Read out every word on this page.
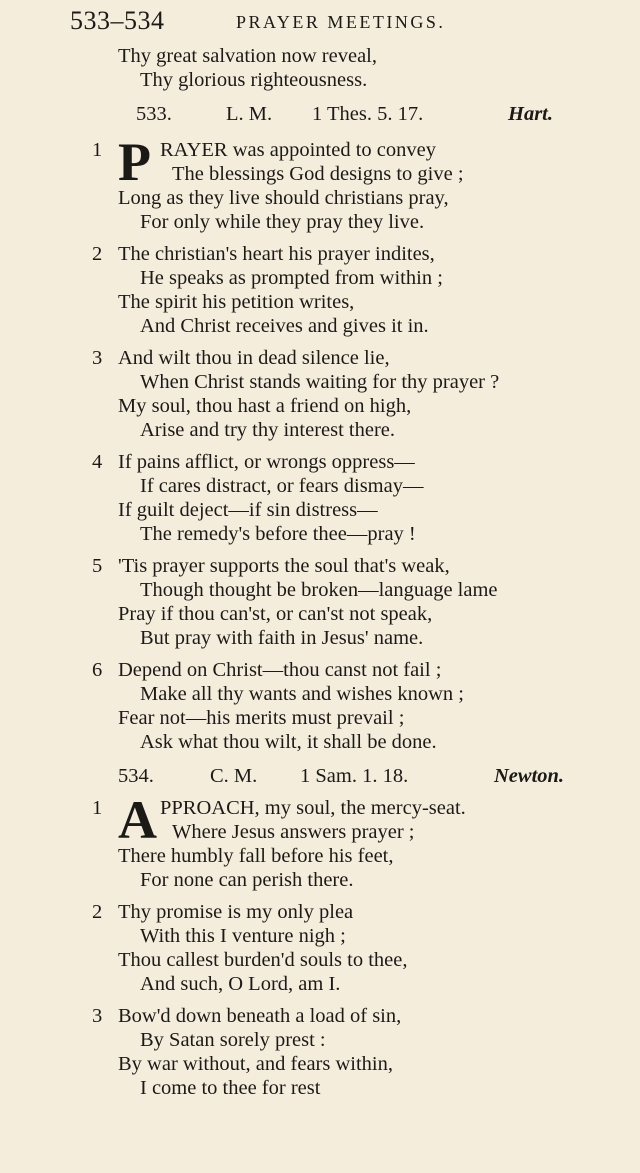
533–534	PRAYER MEETINGS.
Thy great salvation now reveal,
Thy glorious righteousness.
533.	L. M. 1 Thes. 5. 17.	Hart.
1 P RAYER was appointed to convey
The blessings God designs to give ;
Long as they live should christians pray,
For only while they pray they live.
2 The christian's heart his prayer indites,
He speaks as prompted from within ;
The spirit his petition writes,
And Christ receives and gives it in.
3 And wilt thou in dead silence lie,
When Christ stands waiting for thy prayer ?
My soul, thou hast a friend on high,
Arise and try thy interest there.
4 If pains afflict, or wrongs oppress—
If cares distract, or fears dismay—
If guilt deject—if sin distress—
The remedy's before thee—pray !
5 'Tis prayer supports the soul that's weak,
Though thought be broken—language lame
Pray if thou can'st, or can'st not speak,
But pray with faith in Jesus' name.
6 Depend on Christ—thou canst not fail ;
Make all thy wants and wishes known ;
Fear not—his merits must prevail ;
Ask what thou wilt, it shall be done.
534.	C. M. 1 Sam. 1. 18.	Newton.
1 A PPROACH, my soul, the mercy-seat.
Where Jesus answers prayer ;
There humbly fall before his feet,
For none can perish there.
2 Thy promise is my only plea
With this I venture nigh ;
Thou callest burden'd souls to thee,
And such, O Lord, am I.
3 Bow'd down beneath a load of sin,
By Satan sorely prest :
By war without, and fears within,
I come to thee for rest
